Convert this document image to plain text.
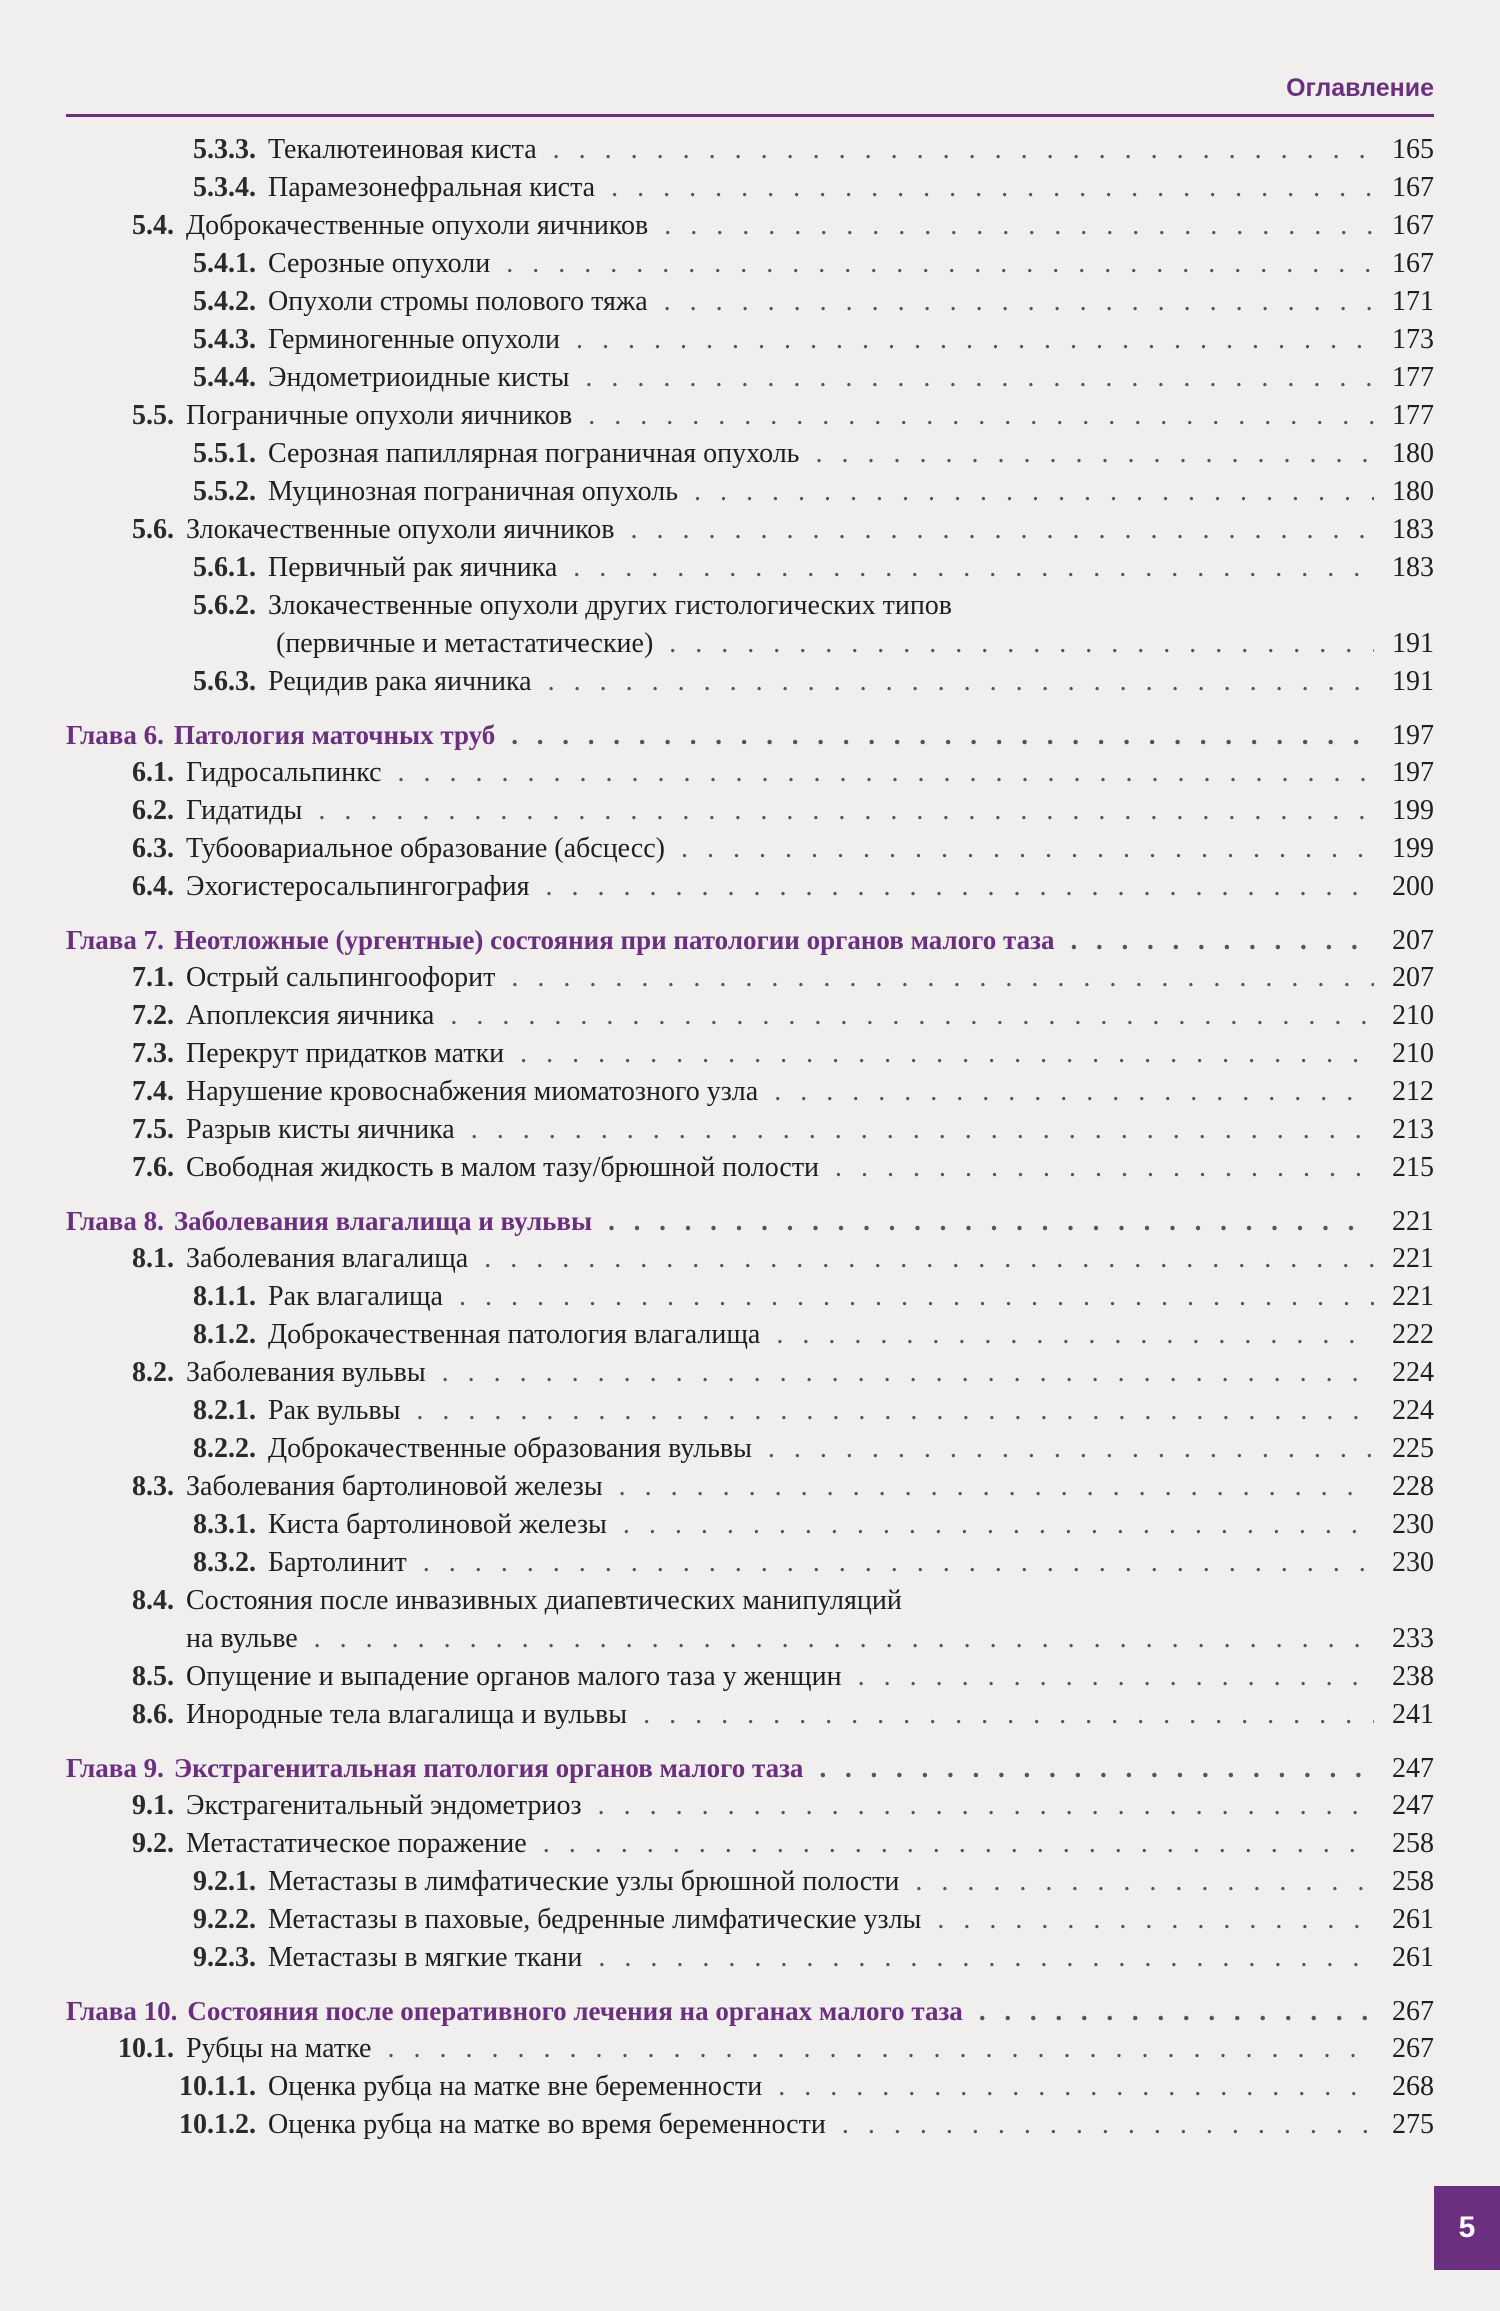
Оглавление
5.3.3. Текалютеиновая киста . . .	165
5.3.4. Парамезонефральная киста . . .	167
5.4. Доброкачественные опухоли яичников . . .	167
5.4.1. Серозные опухоли . . .	167
5.4.2. Опухоли стромы полового тяжа . . .	171
5.4.3. Герминогенные опухоли . . .	173
5.4.4. Эндометриоидные кисты . . .	177
5.5. Пограничные опухоли яичников . . .	177
5.5.1. Серозная папиллярная пограничная опухоль . . .	180
5.5.2. Муцинозная пограничная опухоль . . .	180
5.6. Злокачественные опухоли яичников . . .	183
5.6.1. Первичный рак яичника . . .	183
5.6.2. Злокачественные опухоли других гистологических типов
(первичные и метастатические) . . .	191
5.6.3. Рецидив рака яичника . . .	191
Глава 6. Патология маточных труб . . .	197
6.1. Гидросальпинкс . . .	197
6.2. Гидатиды . . .	199
6.3. Тубоовариальное образование (абсцесс) . . .	199
6.4. Эхогистеросальпингография . . .	200
Глава 7. Неотложные (ургентные) состояния при патологии органов малого таза . . .	207
7.1. Острый сальпингоофорит . . .	207
7.2. Апоплексия яичника . . .	210
7.3. Перекрут придатков матки . . .	210
7.4. Нарушение кровоснабжения миоматозного узла . . .	212
7.5. Разрыв кисты яичника . . .	213
7.6. Свободная жидкость в малом тазу/брюшной полости . . .	215
Глава 8. Заболевания влагалища и вульвы . . .	221
8.1. Заболевания влагалища . . .	221
8.1.1. Рак влагалища . . .	221
8.1.2. Доброкачественная патология влагалища . . .	222
8.2. Заболевания вульвы . . .	224
8.2.1. Рак вульвы . . .	224
8.2.2. Доброкачественные образования вульвы . . .	225
8.3. Заболевания бартолиновой железы . . .	228
8.3.1. Киста бартолиновой железы . . .	230
8.3.2. Бартолинит . . .	230
8.4. Состояния после инвазивных диапевтических манипуляций
на вульве . . .	233
8.5. Опущение и выпадение органов малого таза у женщин . . .	238
8.6. Инородные тела влагалища и вульвы . . .	241
Глава 9. Экстрагенитальная патология органов малого таза . . .	247
9.1. Экстрагенитальный эндометриоз . . .	247
9.2. Метастатическое поражение . . .	258
9.2.1. Метастазы в лимфатические узлы брюшной полости . . .	258
9.2.2. Метастазы в паховые, бедренные лимфатические узлы . . .	261
9.2.3. Метастазы в мягкие ткани . . .	261
Глава 10. Состояния после оперативного лечения на органах малого таза . . .	267
10.1. Рубцы на матке . . .	267
10.1.1. Оценка рубца на матке вне беременности . . .	268
10.1.2. Оценка рубца на матке во время беременности . . .	275
5
